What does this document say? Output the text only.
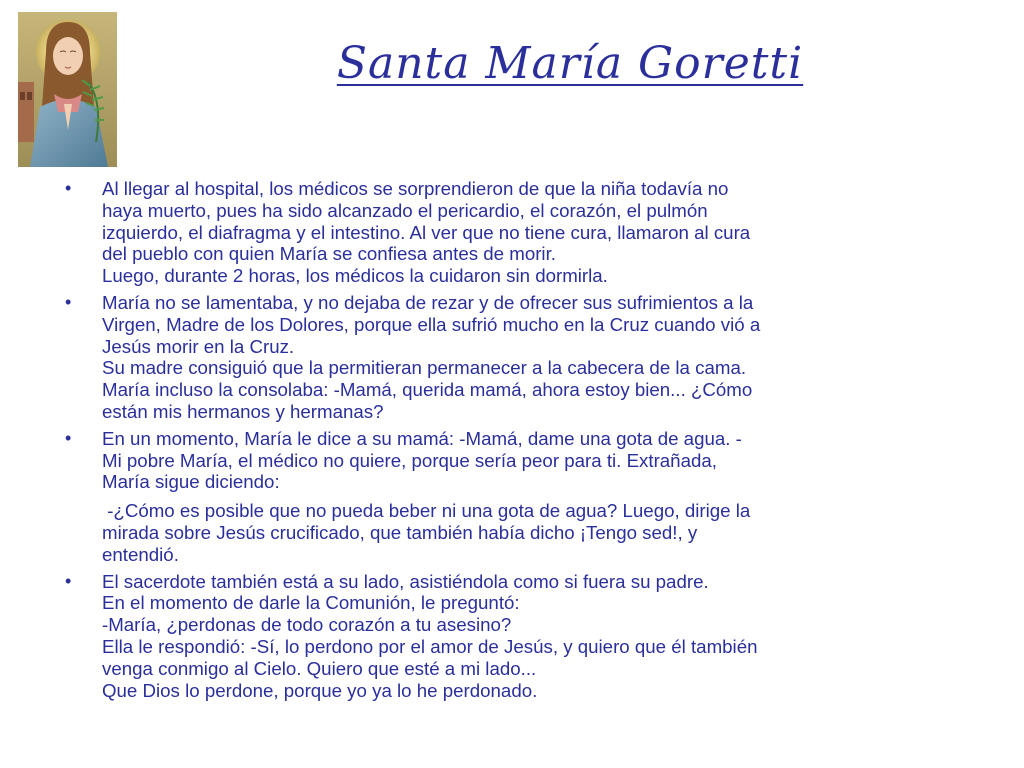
Santa María Goretti
• Al llegar al hospital, los médicos se sorprendieron de que la niña todavía no
haya muerto, pues ha sido alcanzado el pericardio, el corazón, el pulmón
izquierdo, el diafragma y el intestino. Al ver que no tiene cura, llamaron al cura
del pueblo con quien María se confiesa antes de morir.
Luego, durante 2 horas, los médicos la cuidaron sin dormirla.
• María no se lamentaba, y no dejaba de rezar y de ofrecer sus sufrimientos a la
Virgen, Madre de los Dolores, porque ella sufrió mucho en la Cruz cuando vió a
Jesús morir en la Cruz.
Su madre consiguió que la permitieran permanecer a la cabecera de la cama.
María incluso la consolaba: -Mamá, querida mamá, ahora estoy bien... ¿Cómo
están mis hermanos y hermanas?
• En un momento, María le dice a su mamá: -Mamá, dame una gota de agua. -
Mi pobre María, el médico no quiere, porque sería peor para ti. Extrañada,
María sigue diciendo:
-¿Cómo es posible que no pueda beber ni una gota de agua? Luego, dirige la
mirada sobre Jesús crucificado, que también había dicho ¡Tengo sed!, y
entendió.
• El sacerdote también está a su lado, asistiéndola como si fuera su padre.
En el momento de darle la Comunión, le preguntó:
-María, ¿perdonas de todo corazón a tu asesino?
Ella le respondió: -Sí, lo perdono por el amor de Jesús, y quiero que él también
venga conmigo al Cielo. Quiero que esté a mi lado...
Que Dios lo perdone, porque yo ya lo he perdonado.
